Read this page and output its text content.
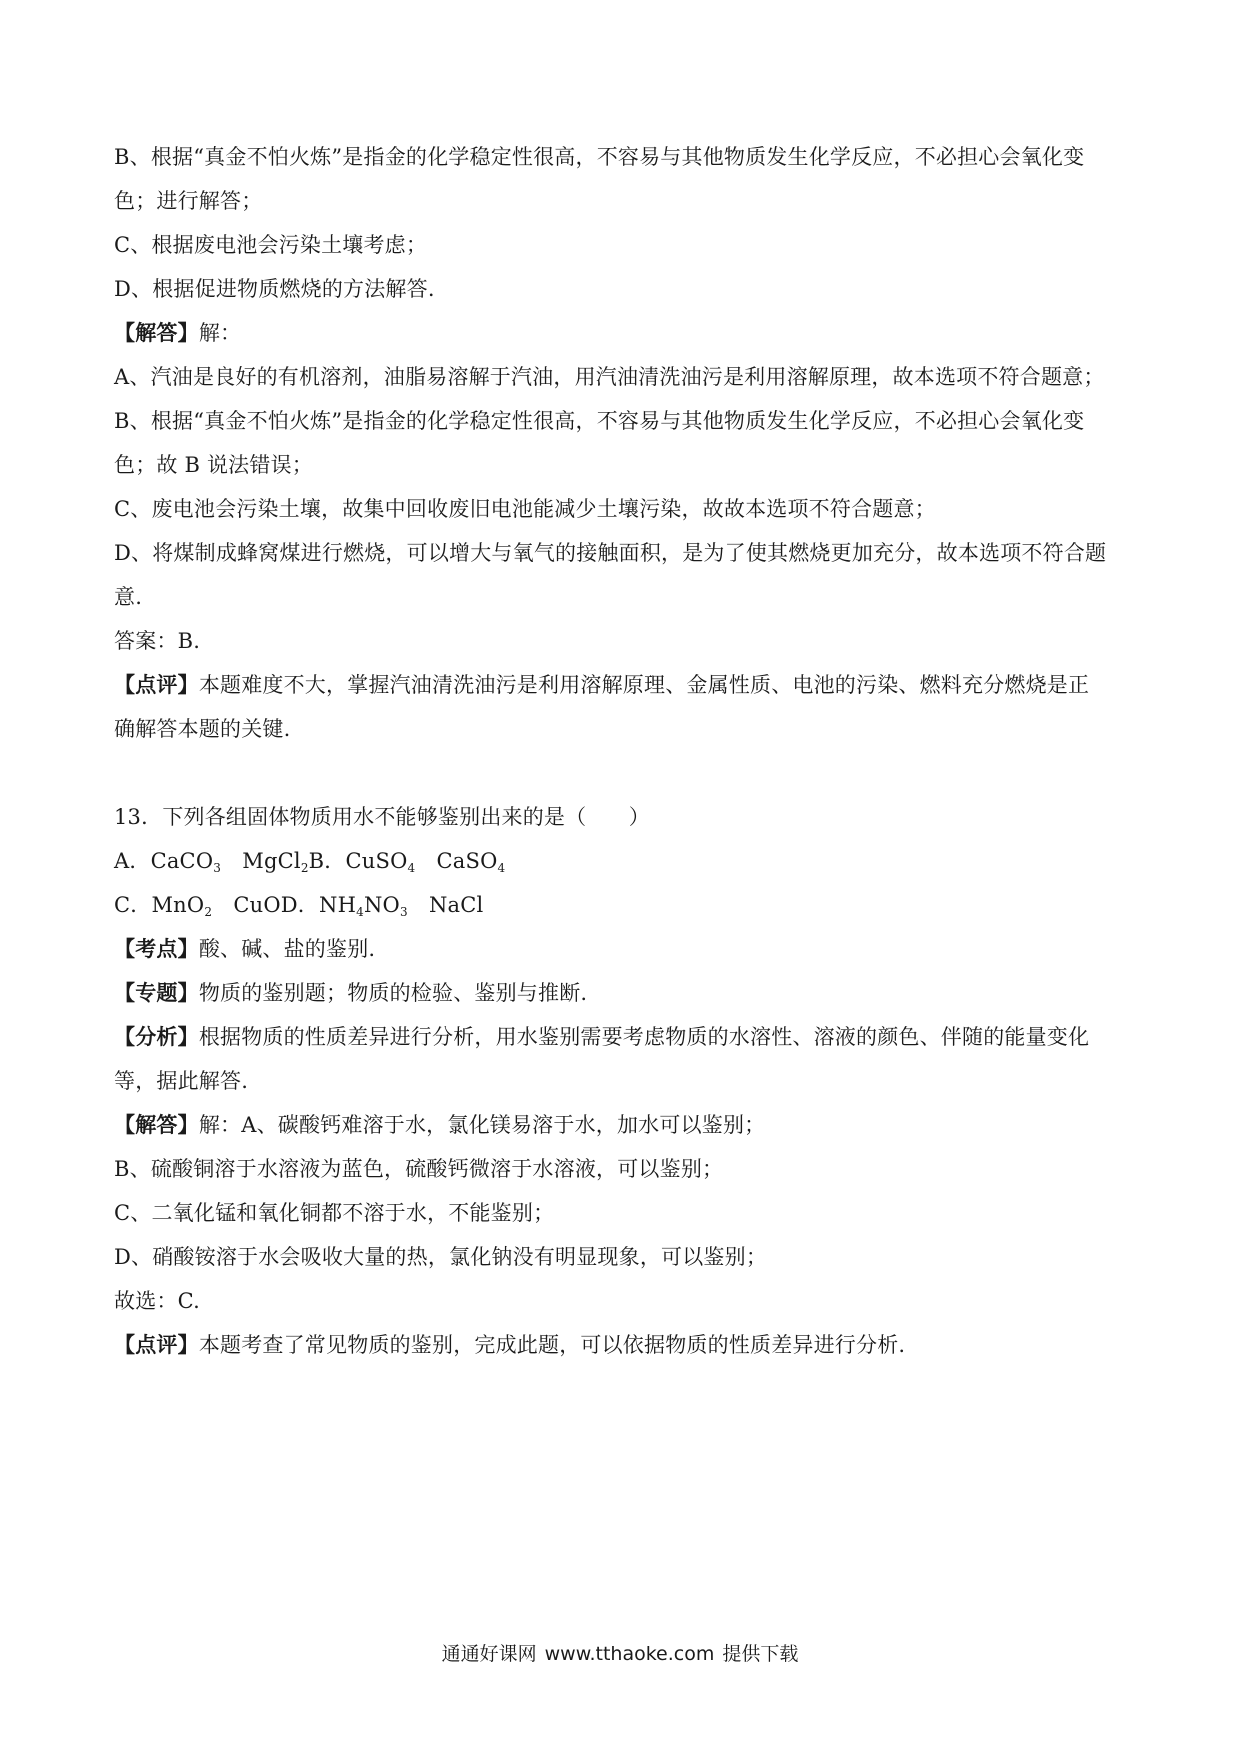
B、根据“真金不怕火炼”是指金的化学稳定性很高，不容易与其他物质发生化学反应，不必担心会氧化变
色；进行解答；
C、根据废电池会污染土壤考虑；
D、根据促进物质燃烧的方法解答.
【解答】解：
A、汽油是良好的有机溶剂，油脂易溶解于汽油，用汽油清洗油污是利用溶解原理，故本选项不符合题意；
B、根据“真金不怕火炼”是指金的化学稳定性很高，不容易与其他物质发生化学反应，不必担心会氧化变
色；故 B 说法错误；
C、废电池会污染土壤，故集中回收废旧电池能减少土壤污染，故故本选项不符合题意；
D、将煤制成蜂窝煤进行燃烧，可以增大与氧气的接触面积，是为了使其燃烧更加充分，故本选项不符合题
意.
答案：B.
【点评】本题难度不大，掌握汽油清洗油污是利用溶解原理、金属性质、电池的污染、燃料充分燃烧是正
确解答本题的关键.
13．下列各组固体物质用水不能够鉴别出来的是（　　）
A．CaCO$_3$　MgCl$_2$B．CuSO$_4$　CaSO$_4$
C．MnO$_2$　CuOD．$NH_4NO_3$　NaCl
【考点】酸、碱、盐的鉴别.
【专题】物质的鉴别题；物质的检验、鉴别与推断.
【分析】根据物质的性质差异进行分析，用水鉴别需要考虑物质的水溶性、溶液的颜色、伴随的能量变化
等，据此解答.
【解答】解：A、碳酸钙难溶于水，氯化镁易溶于水，加水可以鉴别；
B、硫酸铜溶于水溶液为蓝色，硫酸钙微溶于水溶液，可以鉴别；
C、二氧化锰和氧化铜都不溶于水，不能鉴别；
D、硝酸铵溶于水会吸收大量的热，氯化钠没有明显现象，可以鉴别；
故选：C.
【点评】本题考查了常见物质的鉴别，完成此题，可以依据物质的性质差异进行分析.
通通好课网 www.tthaoke.com 提供下载
